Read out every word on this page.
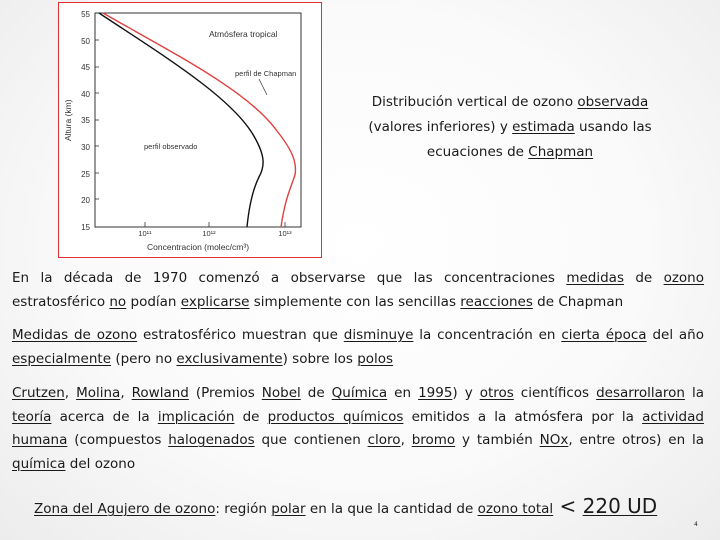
55
50
45
40
35
30
25
20
15
Altura (km)
10¹¹	10¹²	10¹³
Concentracion (molec/cm³)
Atmósfera tropical
perfil de Chapman
perfil observado
Distribución vertical de ozono observada
(valores inferiores) y estimada usando las
ecuaciones de Chapman
En la década de 1970 comenzó a observarse que las concentraciones medidas de ozono estratosférico no podían explicarse simplemente con las sencillas reacciones de Chapman
Medidas de ozono estratosférico muestran que disminuye la concentración en cierta época del año especialmente (pero no exclusivamente) sobre los polos
Crutzen, Molina, Rowland (Premios Nobel de Química en 1995) y otros científicos desarrollaron la teoría acerca de la implicación de productos químicos emitidos a la atmósfera por la actividad humana (compuestos halogenados que contienen cloro, bromo y también NOx, entre otros) en la química del ozono
Zona del Agujero de ozono: región polar en la que la cantidad de ozono total < 220 UD
4
